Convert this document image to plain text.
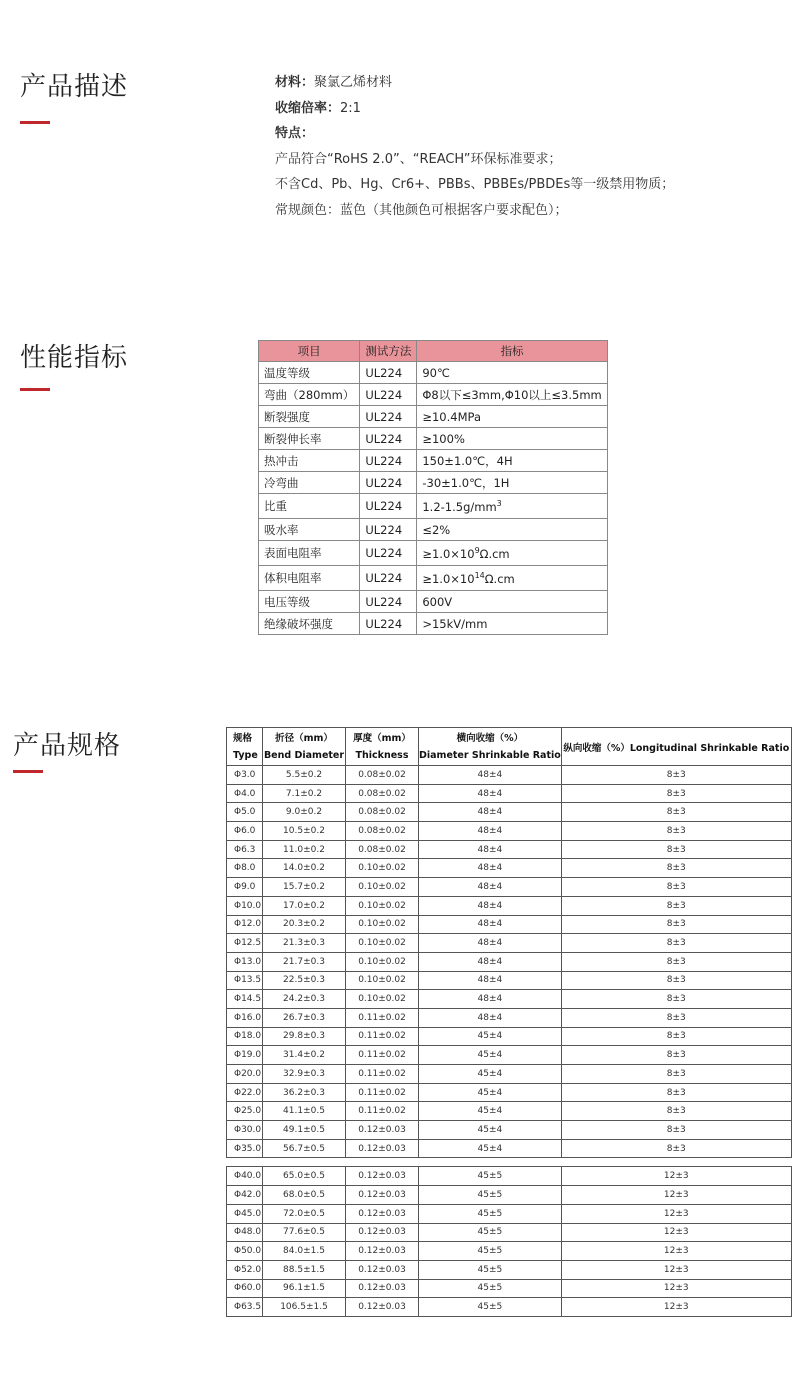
产品描述	材料：聚氯乙烯材料
收缩倍率：2:1
特点：
产品符合“RoHS 2.0”、“REACH”环保标准要求；
不含Cd、Pb、Hg、Cr6+、PBBs、PBBEs/PBDEs等一级禁用物质；
常规颜色：蓝色（其他颜色可根据客户要求配色）；
性能指标	项目	测试方法	指标
温度等级	UL224	90℃
弯曲（280mm）	UL224	Φ8以下≤3mm,Φ10以上≤3.5mm
断裂强度	UL224	≥10.4MPa
断裂伸长率	UL224	≥100%
热冲击	UL224	150±1.0℃，4H
冷弯曲	UL224	-30±1.0℃，1H
比重	UL224	$1.2-1.5g/mm^3$
吸水率	UL224	≤2%
表面电阻率	UL224	$\ge 1.0\times 10^9\Omega.cm$
体积电阻率	UL224	$\ge 1.0\times 10^{14}\Omega.cm$
电压等级	UL224	600V
绝缘破坏强度	UL224	>15kV/mm
产品规格	规格	折径（mm）	厚度（mm）	横向收缩（%）	纵向收缩（%）Longitudinal Shrinkable Ratio
Type	Bend Diameter	Thickness	Diameter Shrinkable Ratio	
Φ3.0	5.5±0.2	0.08±0.02	48±4	8±3
Φ4.0	7.1±0.2	0.08±0.02	48±4	8±3
Φ5.0	9.0±0.2	0.08±0.02	48±4	8±3
Φ6.0	10.5±0.2	0.08±0.02	48±4	8±3
Φ6.3	11.0±0.2	0.08±0.02	48±4	8±3
Φ8.0	14.0±0.2	0.10±0.02	48±4	8±3
Φ9.0	15.7±0.2	0.10±0.02	48±4	8±3
Φ10.0	17.0±0.2	0.10±0.02	48±4	8±3
Φ12.0	20.3±0.2	0.10±0.02	48±4	8±3
Φ12.5	21.3±0.3	0.10±0.02	48±4	8±3
Φ13.0	21.7±0.3	0.10±0.02	48±4	8±3
Φ13.5	22.5±0.3	0.10±0.02	48±4	8±3
Φ14.5	24.2±0.3	0.10±0.02	48±4	8±3
Φ16.0	26.7±0.3	0.11±0.02	48±4	8±3
Φ18.0	29.8±0.3	0.11±0.02	45±4	8±3
Φ19.0	31.4±0.2	0.11±0.02	45±4	8±3
Φ20.0	32.9±0.3	0.11±0.02	45±4	8±3
Φ22.0	36.2±0.3	0.11±0.02	45±4	8±3
Φ25.0	41.1±0.5	0.11±0.02	45±4	8±3
Φ30.0	49.1±0.5	0.12±0.03	45±4	8±3
Φ35.0	56.7±0.5	0.12±0.03	45±4	8±3

Φ40.0	65.0±0.5	0.12±0.03	45±5	12±3
Φ42.0	68.0±0.5	0.12±0.03	45±5	12±3
Φ45.0	72.0±0.5	0.12±0.03	45±5	12±3
Φ48.0	77.6±0.5	0.12±0.03	45±5	12±3
Φ50.0	84.0±1.5	0.12±0.03	45±5	12±3
Φ52.0	88.5±1.5	0.12±0.03	45±5	12±3
Φ60.0	96.1±1.5	0.12±0.03	45±5	12±3
Φ63.5	106.5±1.5	0.12±0.03	45±5	12±3
